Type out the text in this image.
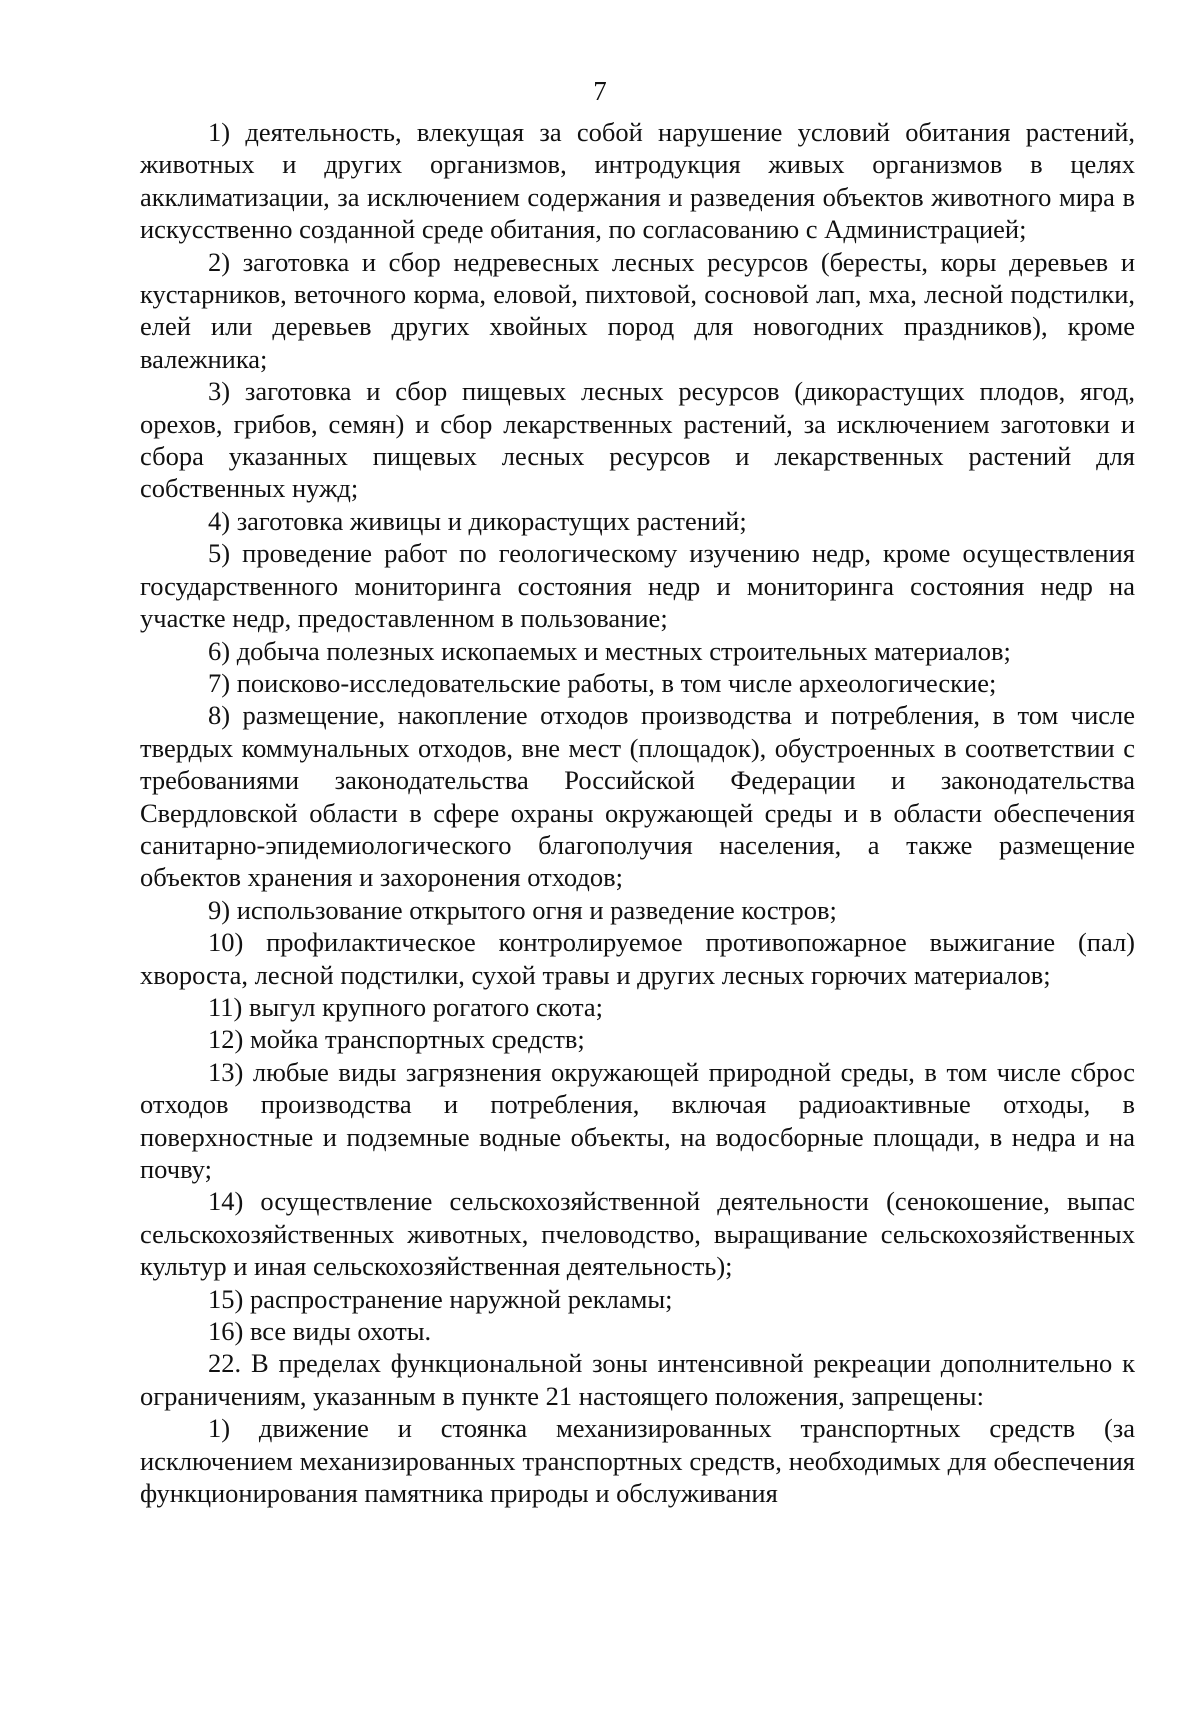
7

1) деятельность, влекущая за собой нарушение условий обитания растений, животных и других организмов, интродукция живых организмов в целях акклиматизации, за исключением содержания и разведения объектов животного мира в искусственно созданной среде обитания, по согласованию с Администрацией;

2) заготовка и сбор недревесных лесных ресурсов (бересты, коры деревьев и кустарников, веточного корма, еловой, пихтовой, сосновой лап, мха, лесной подстилки, елей или деревьев других хвойных пород для новогодних праздников), кроме валежника;

3) заготовка и сбор пищевых лесных ресурсов (дикорастущих плодов, ягод, орехов, грибов, семян) и сбор лекарственных растений, за исключением заготовки и сбора указанных пищевых лесных ресурсов и лекарственных растений для собственных нужд;

4) заготовка живицы и дикорастущих растений;

5) проведение работ по геологическому изучению недр, кроме осуществления государственного мониторинга состояния недр и мониторинга состояния недр на участке недр, предоставленном в пользование;

6) добыча полезных ископаемых и местных строительных материалов;

7) поисково-исследовательские работы, в том числе археологические;

8) размещение, накопление отходов производства и потребления, в том числе твердых коммунальных отходов, вне мест (площадок), обустроенных в соответствии с требованиями законодательства Российской Федерации и законодательства Свердловской области в сфере охраны окружающей среды и в области обеспечения санитарно-эпидемиологического благополучия населения, а также размещение объектов хранения и захоронения отходов;

9) использование открытого огня и разведение костров;

10) профилактическое контролируемое противопожарное выжигание (пал) хвороста, лесной подстилки, сухой травы и других лесных горючих материалов;

11) выгул крупного рогатого скота;

12) мойка транспортных средств;

13) любые виды загрязнения окружающей природной среды, в том числе сброс отходов производства и потребления, включая радиоактивные отходы, в поверхностные и подземные водные объекты, на водосборные площади, в недра и на почву;

14) осуществление сельскохозяйственной деятельности (сенокошение, выпас сельскохозяйственных животных, пчеловодство, выращивание сельскохозяйственных культур и иная сельскохозяйственная деятельность);

15) распространение наружной рекламы;

16) все виды охоты.

22. В пределах функциональной зоны интенсивной рекреации дополнительно к ограничениям, указанным в пункте 21 настоящего положения, запрещены:

1) движение и стоянка механизированных транспортных средств (за исключением механизированных транспортных средств, необходимых для обеспечения функционирования памятника природы и обслуживания
